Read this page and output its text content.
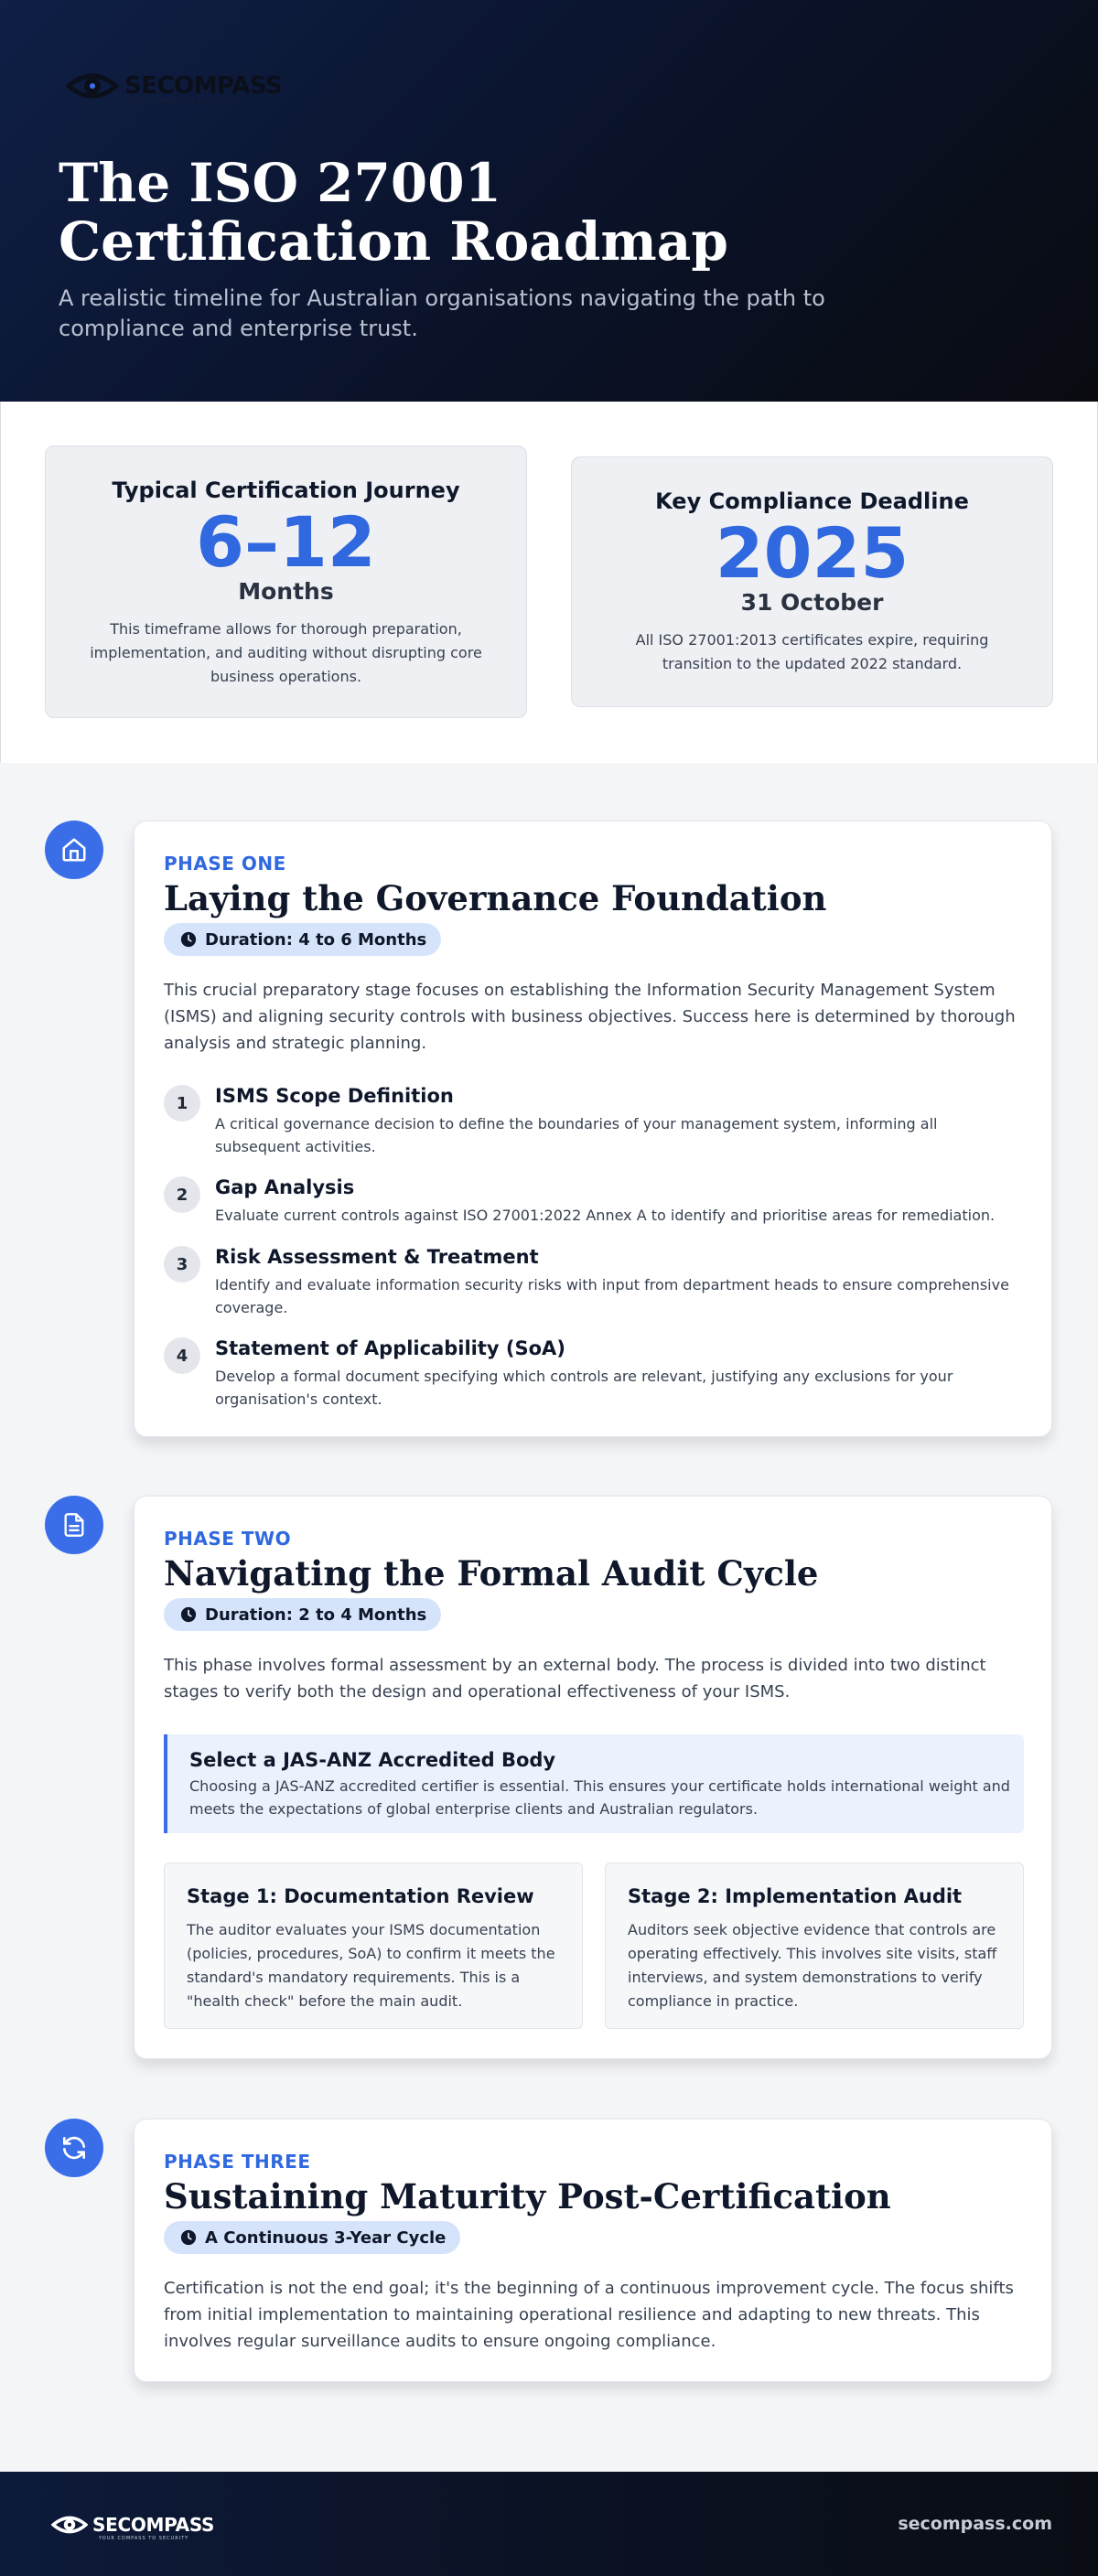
SECOMPASS
YOUR COMPASS TO SECURITY
The ISO 27001 Certification Roadmap

A realistic timeline for Australian organisations navigating the path to compliance and enterprise trust.

Typical Certification Journey
6–12
Months

This timeframe allows for thorough preparation, implementation, and auditing without disrupting core business operations.

Key Compliance Deadline
2025
31 October

All ISO 27001:2013 certificates expire, requiring transition to the updated 2022 standard.

PHASE ONE
Laying the Governance Foundation
Duration: 4 to 6 Months

This crucial preparatory stage focuses on establishing the Information Security Management System (ISMS) and aligning security controls with business objectives. Success here is determined by thorough analysis and strategic planning.

1	ISMS Scope Definition

A critical governance decision to define the boundaries of your management system, informing all subsequent activities.

2	Gap Analysis

Evaluate current controls against ISO 27001:2022 Annex A to identify and prioritise areas for remediation.

3	Risk Assessment & Treatment

Identify and evaluate information security risks with input from department heads to ensure comprehensive coverage.

4	Statement of Applicability (SoA)

Develop a formal document specifying which controls are relevant, justifying any exclusions for your organisation's context.

PHASE TWO
Navigating the Formal Audit Cycle
Duration: 2 to 4 Months

This phase involves formal assessment by an external body. The process is divided into two distinct stages to verify both the design and operational effectiveness of your ISMS.

Select a JAS-ANZ Accredited Body

Choosing a JAS-ANZ accredited certifier is essential. This ensures your certificate holds international weight and meets the expectations of global enterprise clients and Australian regulators.

Stage 1: Documentation Review

The auditor evaluates your ISMS documentation (policies, procedures, SoA) to confirm it meets the standard's mandatory requirements. This is a "health check" before the main audit.

Stage 2: Implementation Audit

Auditors seek objective evidence that controls are operating effectively. This involves site visits, staff interviews, and system demonstrations to verify compliance in practice.

PHASE THREE
Sustaining Maturity Post-Certification
A Continuous 3-Year Cycle

Certification is not the end goal; it's the beginning of a continuous improvement cycle. The focus shifts from initial implementation to maintaining operational resilience and adapting to new threats. This involves regular surveillance audits to ensure ongoing compliance.

SECOMPASS
YOUR COMPASS TO SECURITY
secompass.com
